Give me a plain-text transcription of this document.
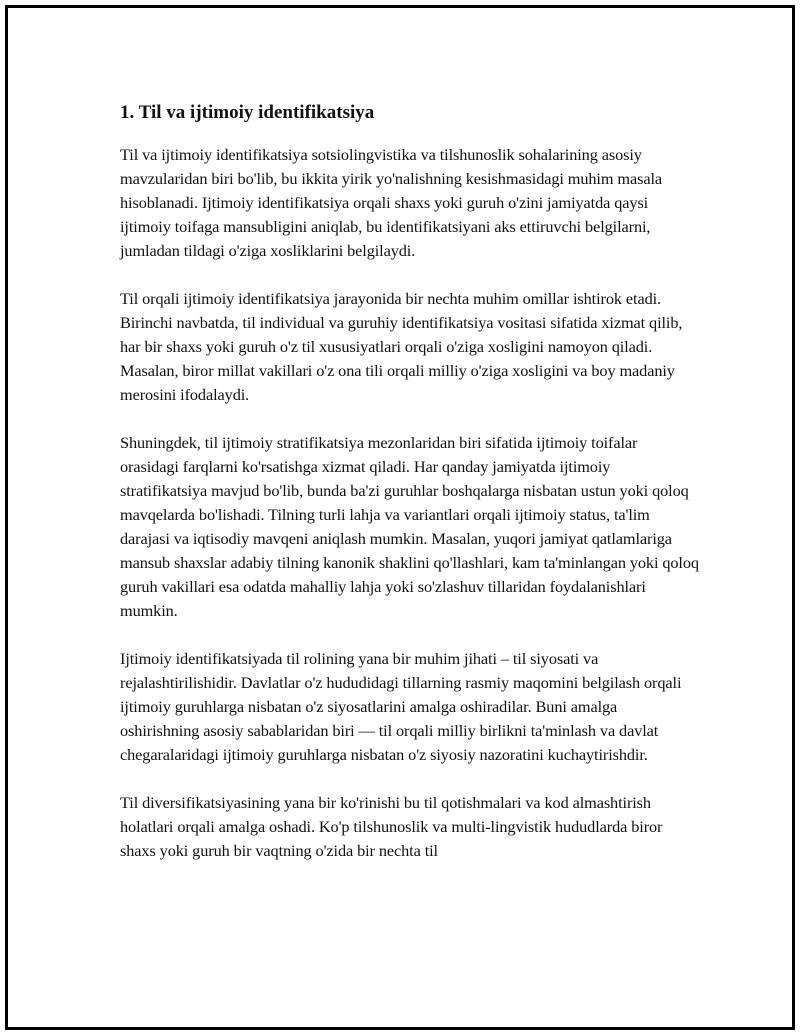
1. Til va ijtimoiy identifikatsiya

Til va ijtimoiy identifikatsiya sotsiolingvistika va tilshunoslik sohalarining asosiy mavzularidan biri bo'lib, bu ikkita yirik yo'nalishning kesishmasidagi muhim masala hisoblanadi. Ijtimoiy identifikatsiya orqali shaxs yoki guruh o'zini jamiyatda qaysi ijtimoiy toifaga mansubligini aniqlab, bu identifikatsiyani aks ettiruvchi belgilarni, jumladan tildagi o'ziga xosliklarini belgilaydi.

Til orqali ijtimoiy identifikatsiya jarayonida bir nechta muhim omillar ishtirok etadi. Birinchi navbatda, til individual va guruhiy identifikatsiya vositasi sifatida xizmat qilib, har bir shaxs yoki guruh o'z til xususiyatlari orqali o'ziga xosligini namoyon qiladi. Masalan, biror millat vakillari o'z ona tili orqali milliy o'ziga xosligini va boy madaniy merosini ifodalaydi.

Shuningdek, til ijtimoiy stratifikatsiya mezonlaridan biri sifatida ijtimoiy toifalar orasidagi farqlarni ko'rsatishga xizmat qiladi. Har qanday jamiyatda ijtimoiy stratifikatsiya mavjud bo'lib, bunda ba'zi guruhlar boshqalarga nisbatan ustun yoki qoloq mavqelarda bo'lishadi. Tilning turli lahja va variantlari orqali ijtimoiy status, ta'lim darajasi va iqtisodiy mavqeni aniqlash mumkin. Masalan, yuqori jamiyat qatlamlariga mansub shaxslar adabiy tilning kanonik shaklini qo'llashlari, kam ta'minlangan yoki qoloq guruh vakillari esa odatda mahalliy lahja yoki so'zlashuv tillaridan foydalanishlari mumkin.

Ijtimoiy identifikatsiyada til rolining yana bir muhim jihati – til siyosati va rejalashtirilishidir. Davlatlar o'z hududidagi tillarning rasmiy maqomini belgilash orqali ijtimoiy guruhlarga nisbatan o'z siyosatlarini amalga oshiradilar. Buni amalga oshirishning asosiy sabablaridan biri — til orqali milliy birlikni ta'minlash va davlat chegaralaridagi ijtimoiy guruhlarga nisbatan o'z siyosiy nazoratini kuchaytirishdir.

Til diversifikatsiyasining yana bir ko'rinishi bu til qotishmalari va kod almashtirish holatlari orqali amalga oshadi. Ko'p tilshunoslik va multi-lingvistik hududlarda biror shaxs yoki guruh bir vaqtning o'zida bir nechta til
